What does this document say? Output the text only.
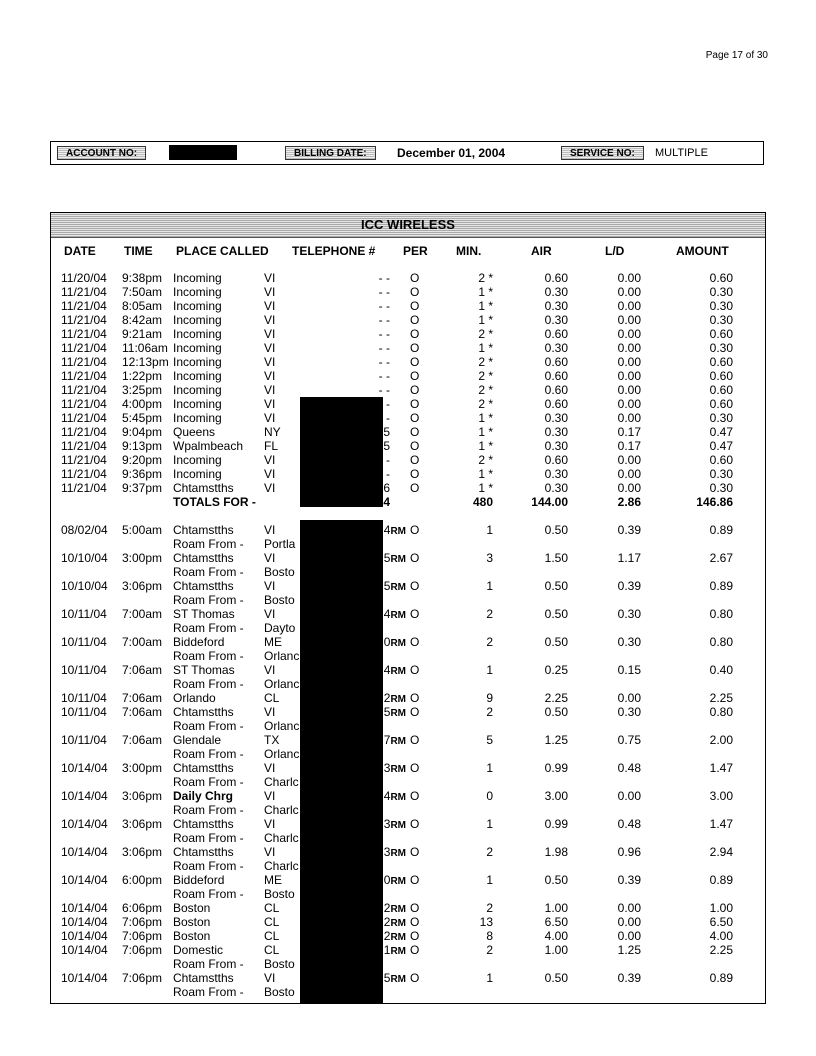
Page 17 of 30
ACCOUNT NO:	BILLING DATE:	December 01, 2004	SERVICE NO:	MULTIPLE
ICC WIRELESS
DATE TIME PLACE CALLED TELEPHONE # PER MIN.	AIR	L/D	AMOUNT
11/20/04 9:38pm Incoming	VI	- - O	2 *	0.60	0.00	0.60
11/21/04 7:50am Incoming	VI	- - O	1 *	0.30	0.00	0.30
11/21/04 8:05am Incoming	VI	- - O	1 *	0.30	0.00	0.30
11/21/04 8:42am Incoming	VI	- - O	1 *	0.30	0.00	0.30
11/21/04 9:21am Incoming	VI	- - O	2 *	0.60	0.00	0.60
11/21/04 11:06am Incoming	VI	- - O	1 *	0.30	0.00	0.30
11/21/04 12:13pm Incoming	VI	- - O	2 *	0.60	0.00	0.60
11/21/04 1:22pm Incoming	VI	- - O	2 *	0.60	0.00	0.60
11/21/04 3:25pm Incoming	VI	- - O	2 *	0.60	0.00	0.60
11/21/04 4:00pm Incoming	VI	- O	2 *	0.60	0.00	0.60
11/21/04 5:45pm Incoming	VI	- O	1 *	0.30	0.00	0.30
11/21/04 9:04pm Queens	NY	5 O	1 *	0.30	0.17	0.47
11/21/04 9:13pm Wpalmbeach FL	5 O	1 *	0.30	0.17	0.47
11/21/04 9:20pm Incoming	VI	- O	2 *	0.60	0.00	0.60
11/21/04 9:36pm Incoming	VI	- O	1 *	0.30	0.00	0.30
11/21/04 9:37pm Chtamstths	VI	6 O	1 *	0.30	0.00	0.30
TOTALS FOR -	4	480	144.00	2.86	146.86
08/02/04 5:00am Chtamstths	VI	4RM O	1	0.50	0.39	0.89
Roam From - Portla
10/10/04 3:00pm Chtamstths	VI	5RM O	3	1.50	1.17	2.67
Roam From - Bosto
10/10/04 3:06pm Chtamstths	VI	5RM O	1	0.50	0.39	0.89
Roam From - Bosto
10/11/04 7:00am ST Thomas VI	4RM O	2	0.50	0.30	0.80
Roam From - Dayto
10/11/04 7:00am Biddeford	ME	0RM O	2	0.50	0.30	0.80
Roam From - Orlanc
10/11/04 7:06am ST Thomas VI	4RM O	1	0.25	0.15	0.40
Roam From - Orlanc
10/11/04 7:06am Orlando	CL	2RM O	9	2.25	0.00	2.25
10/11/04 7:06am Chtamstths	VI	5RM O	2	0.50	0.30	0.80
Roam From - Orlanc
10/11/04 7:06am Glendale	TX	7RM O	5	1.25	0.75	2.00
Roam From - Orlanc
10/14/04 3:00pm Chtamstths	VI	3RM O	1	0.99	0.48	1.47
Roam From - Charlc
10/14/04 3:06pm Daily Chrg	VI	4RM O	0	3.00	0.00	3.00
Roam From - Charlc
10/14/04 3:06pm Chtamstths	VI	3RM O	1	0.99	0.48	1.47
Roam From - Charlc
10/14/04 3:06pm Chtamstths	VI	3RM O	2	1.98	0.96	2.94
Roam From - Charlc
10/14/04 6:00pm Biddeford	ME	0RM O	1	0.50	0.39	0.89
Roam From - Bosto
10/14/04 6:06pm Boston	CL	2RM O	2	1.00	0.00	1.00
10/14/04 7:06pm Boston	CL	2RM O	13	6.50	0.00	6.50
10/14/04 7:06pm Boston	CL	2RM O	8	4.00	0.00	4.00
10/14/04 7:06pm Domestic	CL	1RM O	2	1.00	1.25	2.25
Roam From - Bosto
10/14/04 7:06pm Chtamstths	VI	5RM O	1	0.50	0.39	0.89
Roam From - Bosto
